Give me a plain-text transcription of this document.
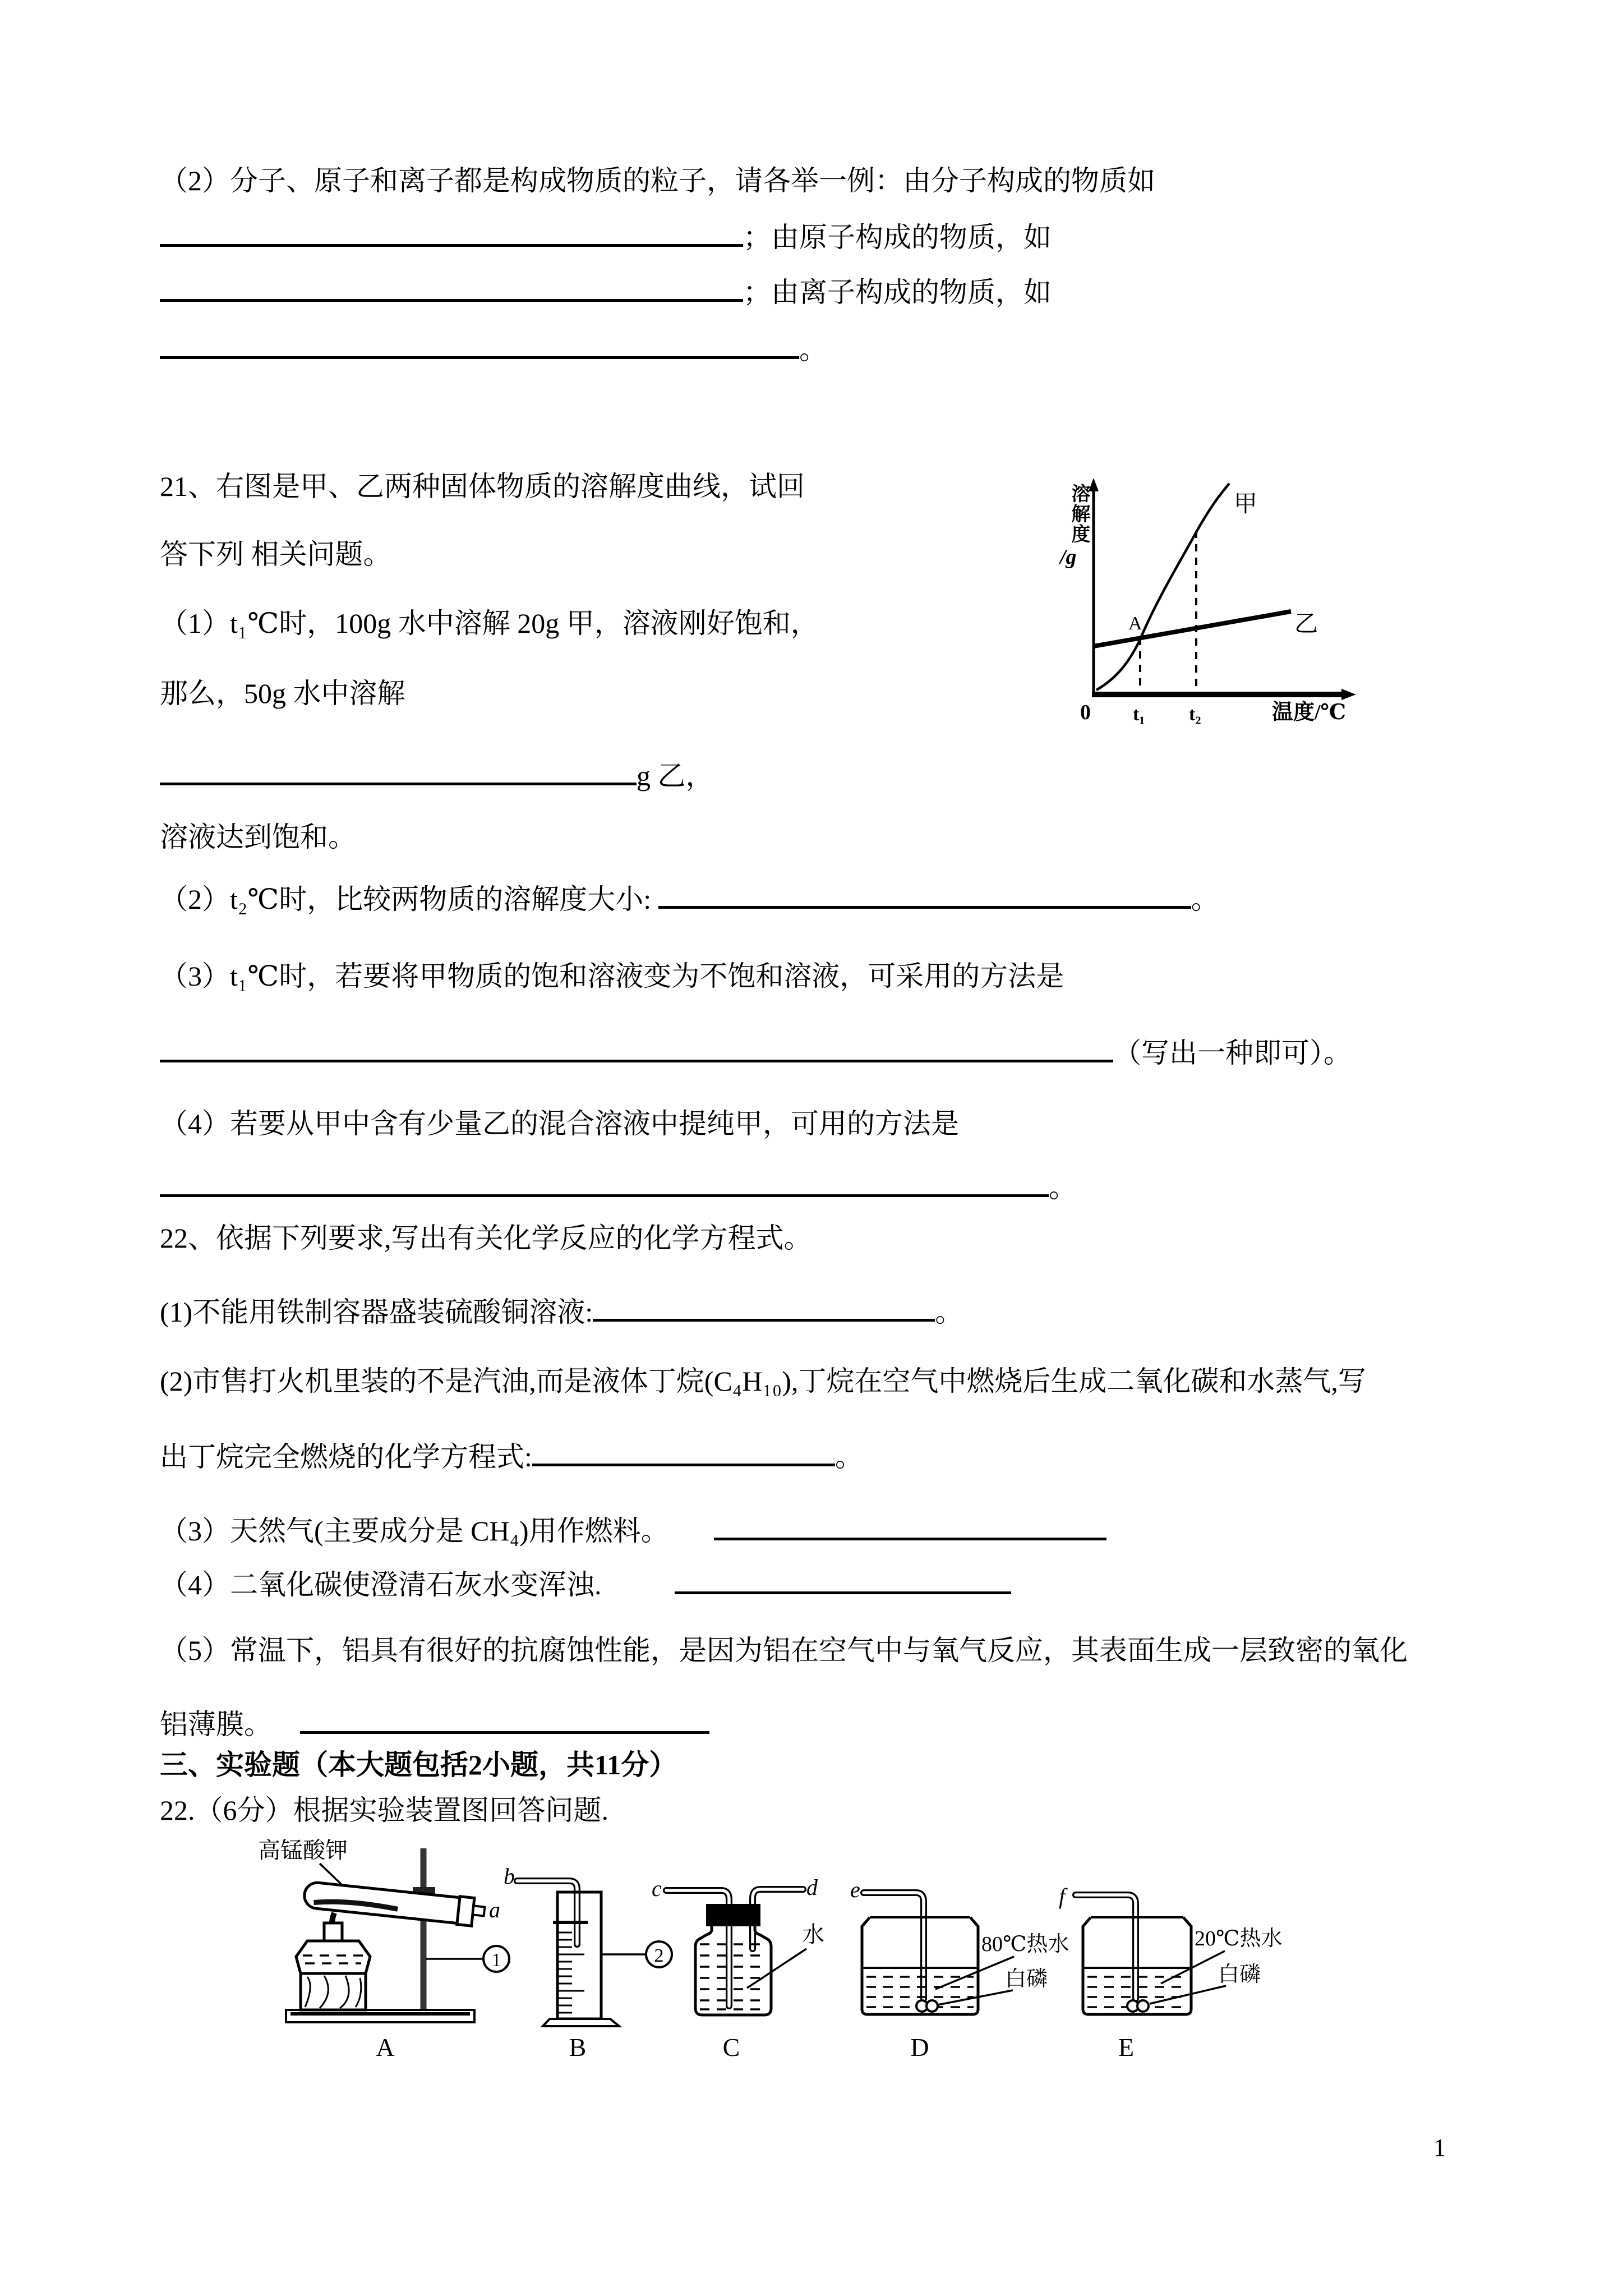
（2）分子、原子和离子都是构成物质的粒子，请各举一例：由分子构成的物质如
；由原子构成的物质，如
；由离子构成的物质，如
。
21、右图是甲、乙两种固体物质的溶解度曲线，试回
答下列 相关问题。
（1）t₁℃时，100g 水中溶解 20g 甲，溶液刚好饱和，
那么，50g 水中溶解
g 乙，
溶液达到饱和。
（2）t₂℃时，比较两物质的溶解度大小:	。
（3）t₁℃时，若要将甲物质的饱和溶液变为不饱和溶液，可采用的方法是
（写出一种即可）。
（4）若要从甲中含有少量乙的混合溶液中提纯甲，可用的方法是
。
A
甲
乙
0 t₁ t₂	温度/℃
溶解度
/g
22、依据下列要求,写出有关化学反应的化学方程式。
(1)不能用铁制容器盛装硫酸铜溶液:	。
(2)市售打火机里装的不是汽油,而是液体丁烷(C₄H₁₀),丁烷在空气中燃烧后生成二氧化碳和水蒸气,写
出丁烷完全燃烧的化学方程式:	。
（3）天然气(主要成分是 CH₄)用作燃料。
（4）二氧化碳使澄清石灰水变浑浊.
（5）常温下，铝具有很好的抗腐蚀性能，是因为铝在空气中与氧气反应，其表面生成一层致密的氧化
铝薄膜。
三、实验题（本大题包括2小题，共11分）
22.（6分）根据实验装置图回答问题.
高锰酸钾
a
1
A
b
2
B
c	d
水
C
e
80℃热水
白磷
D
f
20℃热水
白磷
E
1
